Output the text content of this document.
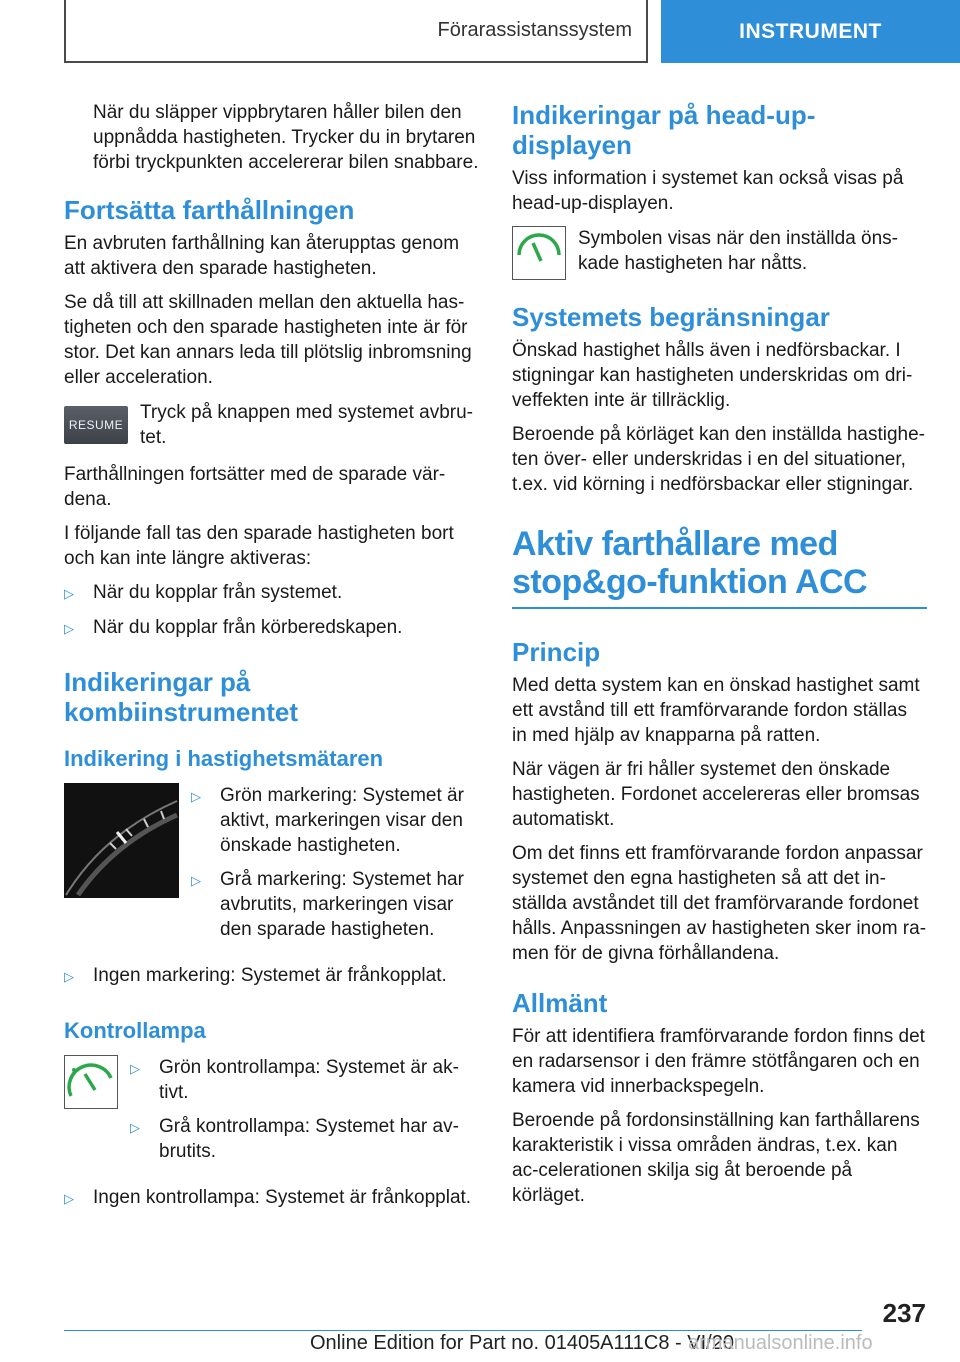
Förarassistanssystem	INSTRUMENT

När du släpper vippbrytaren håller bilen den uppnådda hastigheten. Trycker du in brytaren förbi tryckpunkten accelererar bilen snabbare.

Fortsätta farthållningen

En avbruten farthållning kan återupptas genom att aktivera den sparade hastigheten.

Se då till att skillnaden mellan den aktuella has-tigheten och den sparade hastigheten inte är för stor. Det kan annars leda till plötslig inbromsning eller acceleration.

RESUME
Tryck på knappen med systemet avbru-tet.

Farthållningen fortsätter med de sparade vär-dena.

I följande fall tas den sparade hastigheten bort och kan inte längre aktiveras:

▷	När du kopplar från systemet.
▷	När du kopplar från körberedskapen.
Indikeringar på kombiinstrumentet
Indikering i hastighetsmätaren
▷	Grön markering: Systemet är aktivt, markeringen visar den önskade hastigheten.
▷	Grå markering: Systemet har avbrutits, markeringen visar den sparade hastigheten.
▷	Ingen markering: Systemet är frånkopplat.
Kontrollampa
▷	Grön kontrollampa: Systemet är ak-tivt.
▷	Grå kontrollampa: Systemet har av-brutits.
▷	Ingen kontrollampa: Systemet är frånkopplat.
Indikeringar på head-up-displayen

Viss information i systemet kan också visas på head-up-displayen.

Symbolen visas när den inställda öns-kade hastigheten har nåtts.
Systemets begränsningar

Önskad hastighet hålls även i nedförsbackar. I stigningar kan hastigheten underskridas om dri-veffekten inte är tillräcklig.

Beroende på körläget kan den inställda hastighe-ten över- eller underskridas i en del situationer, t.ex. vid körning i nedförsbackar eller stigningar.

Aktiv farthållare med stop&go-funktion ACC
Princip

Med detta system kan en önskad hastighet samt ett avstånd till ett framförvarande fordon ställas in med hjälp av knapparna på ratten.

När vägen är fri håller systemet den önskade hastigheten. Fordonet accelereras eller bromsas automatiskt.

Om det finns ett framförvarande fordon anpassar systemet den egna hastigheten så att det in-ställda avståndet till det framförvarande fordonet hålls. Anpassningen av hastigheten sker inom ra-men för de givna förhållandena.

Allmänt

För att identifiera framförvarande fordon finns det en radarsensor i den främre stötfångaren och en kamera vid innerbackspegeln.

Beroende på fordonsinställning kan farthållarens karakteristik i vissa områden ändras, t.ex. kan ac-celerationen skilja sig åt beroende på körläget.

237
Online Edition for Part no. 01405A111C8 - VI/20
armanualsonline.info
